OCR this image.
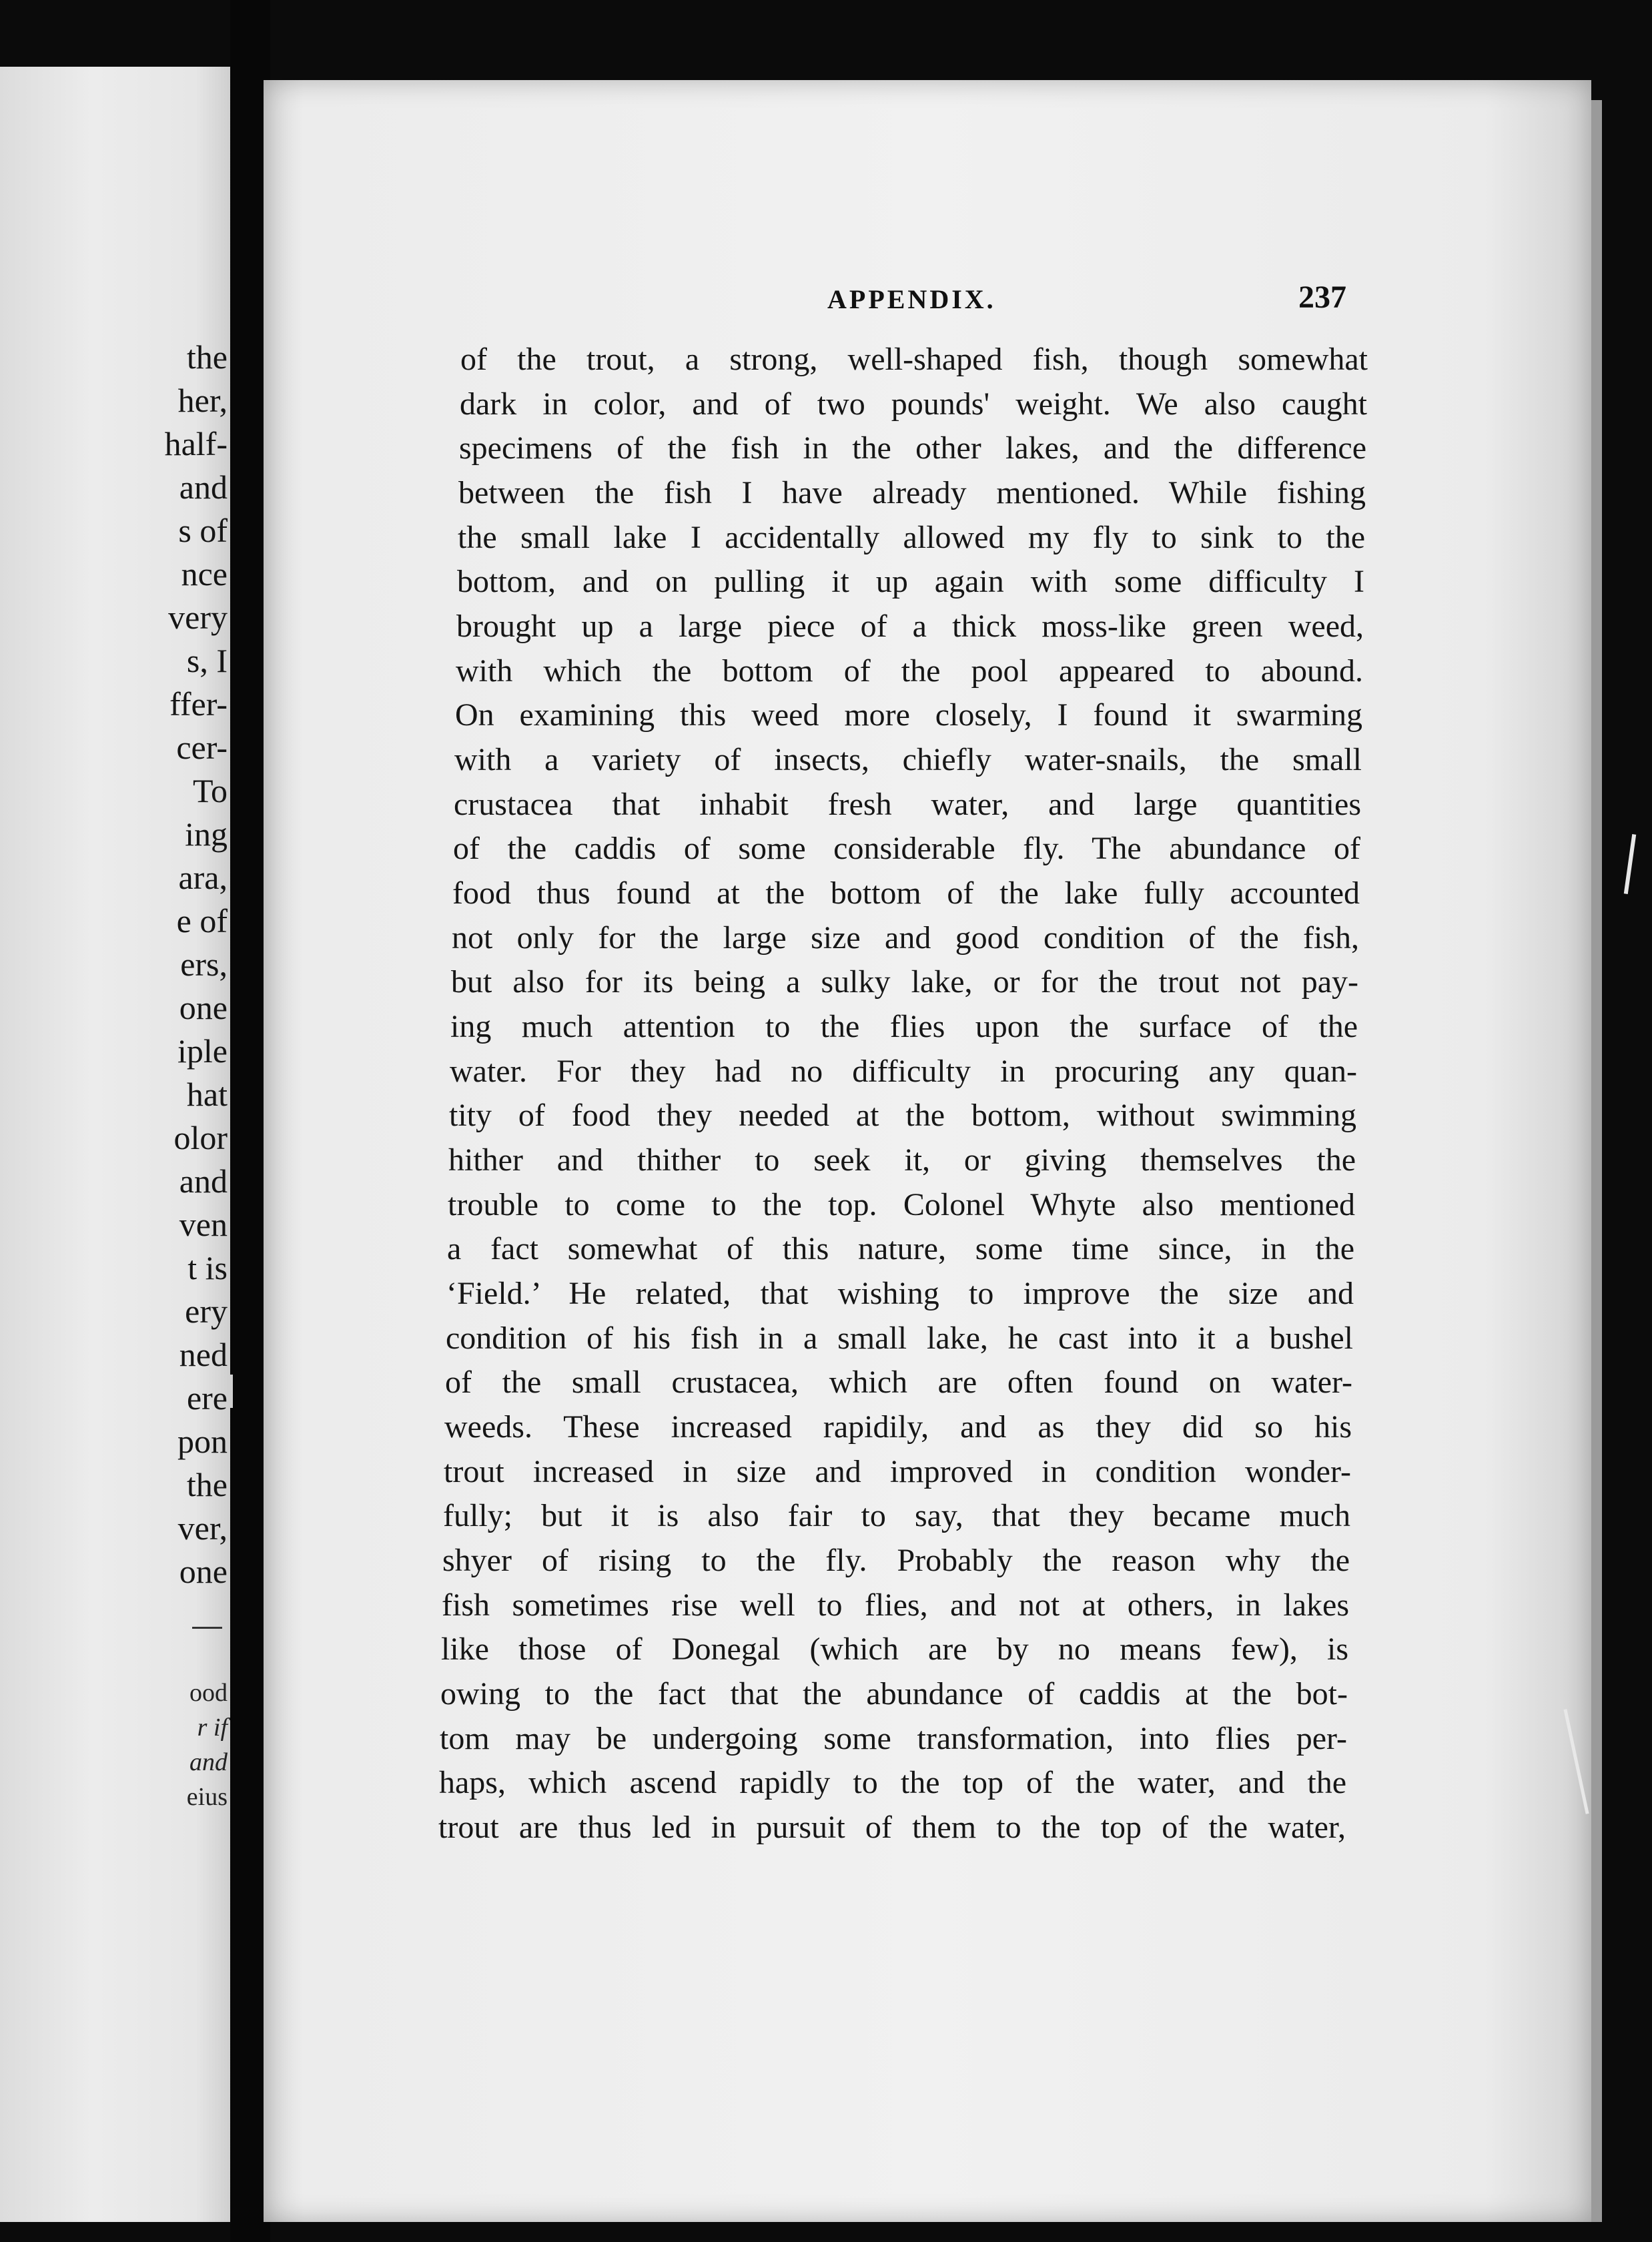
the

her,

half-

and

s of

nce

very

s, I

ffer-

cer-

To

ing

ara,

e of

ers,

one

iple

hat

olor

and

ven

t is

ery

ned

ere

pon

the

ver,

one

ood

r if

and

eius

APPENDIX.	237

of the trout, a strong, well-shaped fish, though somewhat

dark in color, and of two pounds' weight. We also caught

specimens of the fish in the other lakes, and the difference

between the fish I have already mentioned. While fishing

the small lake I accidentally allowed my fly to sink to the

bottom, and on pulling it up again with some difficulty I

brought up a large piece of a thick moss-like green weed,

with which the bottom of the pool appeared to abound.

On examining this weed more closely, I found it swarming

with a variety of insects, chiefly water-snails, the small

crustacea that inhabit fresh water, and large quantities

of the caddis of some considerable fly. The abundance of

food thus found at the bottom of the lake fully accounted

not only for the large size and good condition of the fish,

but also for its being a sulky lake, or for the trout not pay-

ing much attention to the flies upon the surface of the

water. For they had no difficulty in procuring any quan-

tity of food they needed at the bottom, without swimming

hither and thither to seek it, or giving themselves the

trouble to come to the top. Colonel Whyte also mentioned

a fact somewhat of this nature, some time since, in the

‘Field.’ He related, that wishing to improve the size and

condition of his fish in a small lake, he cast into it a bushel

of the small crustacea, which are often found on water-

weeds. These increased rapidily, and as they did so his

trout increased in size and improved in condition wonder-

fully; but it is also fair to say, that they became much

shyer of rising to the fly. Probably the reason why the

fish sometimes rise well to flies, and not at others, in lakes

like those of Donegal (which are by no means few), is

owing to the fact that the abundance of caddis at the bot-

tom may be undergoing some transformation, into flies per-

haps, which ascend rapidly to the top of the water, and the

trout are thus led in pursuit of them to the top of the water,
